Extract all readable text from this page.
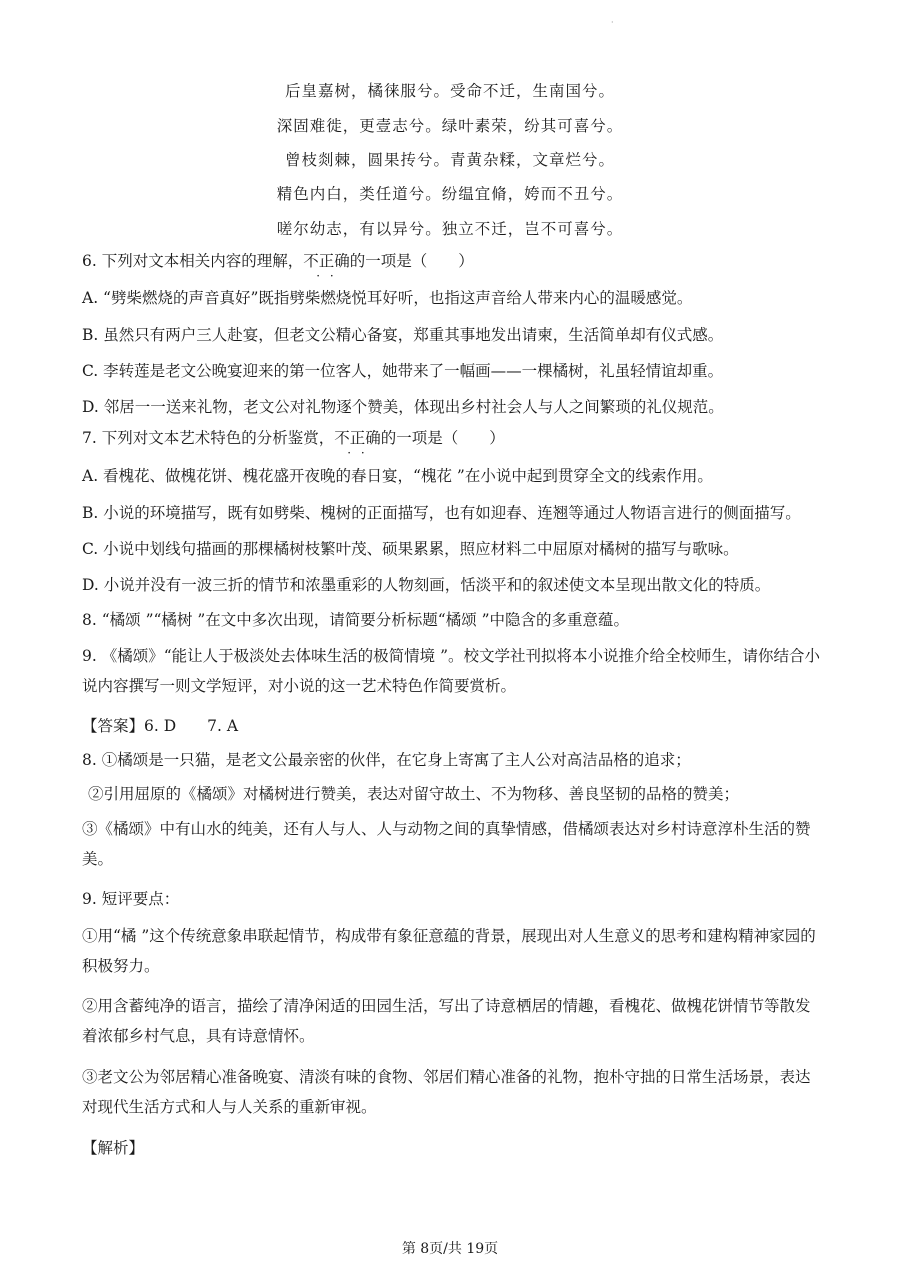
·
后皇嘉树，橘徕服兮。受命不迁，生南国兮。
深固难徙，更壹志兮。绿叶素荣，纷其可喜兮。
曾枝剡棘，圆果抟兮。青黄杂糅，文章烂兮。
精色内白，类任道兮。纷缊宜脩，姱而不丑兮。
嗟尔幼志，有以异兮。独立不迁，岂不可喜兮。
6. 下列对文本相关内容的理解，不正确 · ·的一项是（　　）
A. “劈柴燃烧的声音真好”既指劈柴燃烧悦耳好听，也指这声音给人带来内心的温暖感觉。
B. 虽然只有两户三人赴宴，但老文公精心备宴，郑重其事地发出请柬，生活简单却有仪式感。
C. 李转莲是老文公晚宴迎来的第一位客人，她带来了一幅画——一棵橘树，礼虽轻情谊却重。
D. 邻居一一送来礼物，老文公对礼物逐个赞美，体现出乡村社会人与人之间繁琐的礼仪规范。
7. 下列对文本艺术特色的分析鉴赏，不正确 · ·的一项是（　　）
A. 看槐花、做槐花饼、槐花盛开夜晚的春日宴，“槐花 ”在小说中起到贯穿全文的线索作用。
B. 小说的环境描写，既有如劈柴、槐树的正面描写，也有如迎春、连翘等通过人物语言进行的侧面描写。
C. 小说中划线句描画的那棵橘树枝繁叶茂、硕果累累，照应材料二中屈原对橘树的描写与歌咏。
D. 小说并没有一波三折的情节和浓墨重彩的人物刻画，恬淡平和的叙述使文本呈现出散文化的特质。
8. “橘颂 ”“橘树 ”在文中多次出现，请简要分析标题“橘颂 ”中隐含的多重意蕴。
9. 《橘颂》“能让人于极淡处去体味生活的极简情境 ”。校文学社刊拟将本小说推介给全校师生，请你结合小说内容撰写一则文学短评，对小说的这一艺术特色作简要赏析。
【答案】6. D　　7. A
8. ①橘颂是一只猫，是老文公最亲密的伙伴，在它身上寄寓了主人公对高洁品格的追求；
②引用屈原的《橘颂》对橘树进行赞美，表达对留守故土、不为物移、善良坚韧的品格的赞美；
③《橘颂》中有山水的纯美，还有人与人、人与动物之间的真挚情感，借橘颂表达对乡村诗意淳朴生活的赞美。
9. 短评要点：
①用“橘 ”这个传统意象串联起情节，构成带有象征意蕴的背景，展现出对人生意义的思考和建构精神家园的积极努力。
②用含蓄纯净的语言，描绘了清净闲适的田园生活，写出了诗意栖居的情趣，看槐花、做槐花饼情节等散发着浓郁乡村气息，具有诗意情怀。
③老文公为邻居精心准备晚宴、清淡有味的食物、邻居们精心准备的礼物，抱朴守拙的日常生活场景，表达对现代生活方式和人与人关系的重新审视。
【解析】
第 8页/共 19页
